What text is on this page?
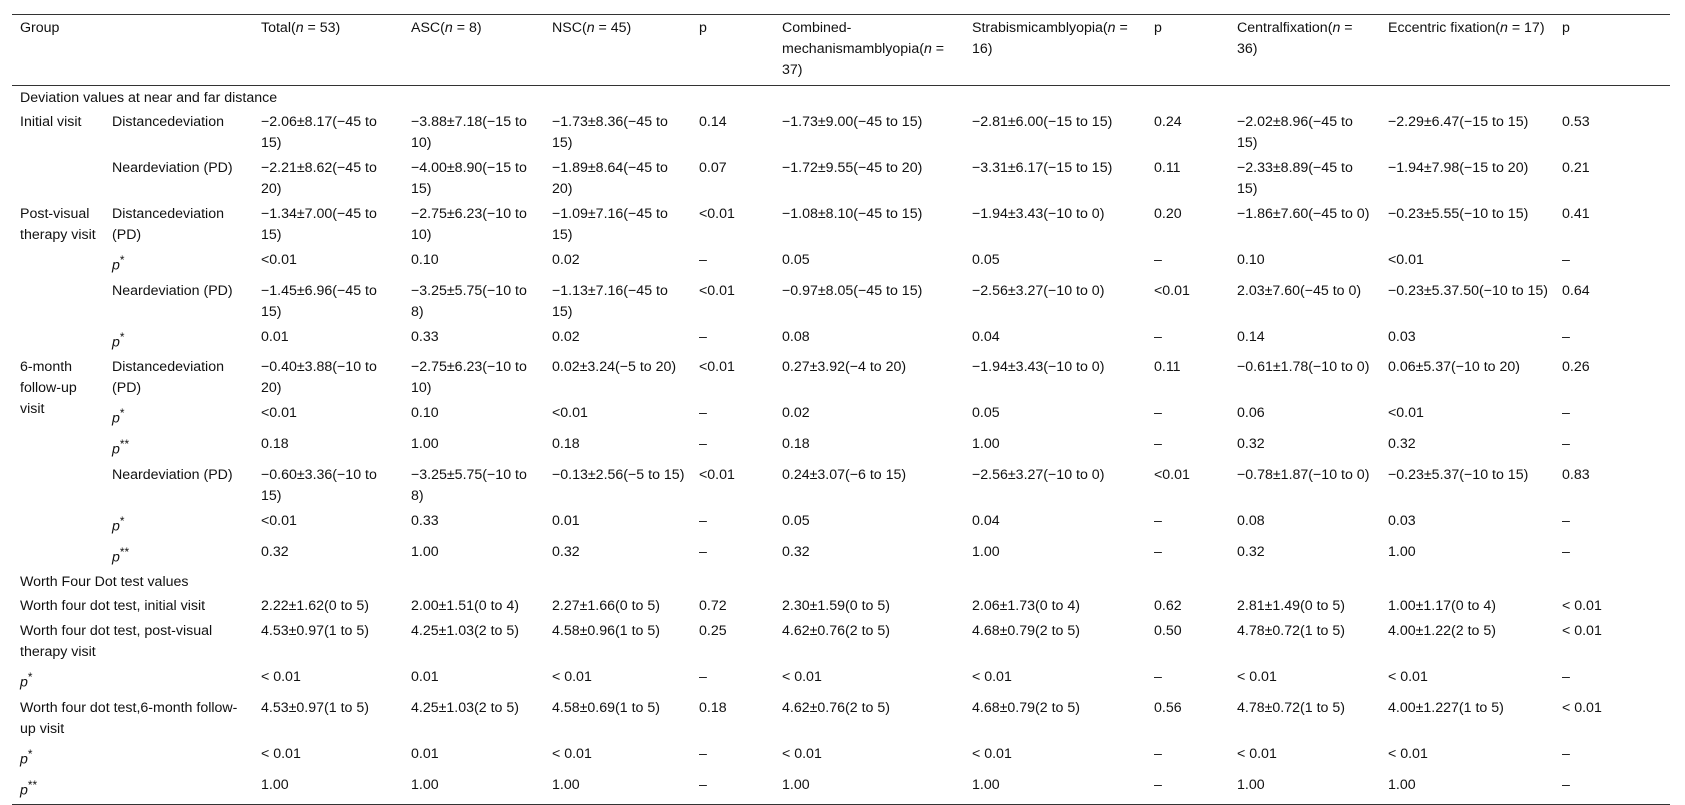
Group		Total(n = 53)	ASC(n = 8)	NSC(n = 45)	p	Combined-mechanismamblyopia(n = 37)	Strabismicamblyopia(n = 16)	p	Centralfixation(n = 36)	Eccentric fixation(n = 17)	p
Deviation values at near and far distance											
Initial visit	Distancedeviation	−2.06±8.17(−45 to 15)	−3.88±7.18(−15 to 10)	−1.73±8.36(−45 to 15)	0.14	−1.73±9.00(−45 to 15)	−2.81±6.00(−15 to 15)	0.24	−2.02±8.96(−45 to 15)	−2.29±6.47(−15 to 15)	0.53
	Neardeviation (PD)	−2.21±8.62(−45 to 20)	−4.00±8.90(−15 to 15)	−1.89±8.64(−45 to 20)	0.07	−1.72±9.55(−45 to 20)	−3.31±6.17(−15 to 15)	0.11	−2.33±8.89(−45 to 15)	−1.94±7.98(−15 to 20)	0.21
Post-visual therapy visit	Distancedeviation (PD)	−1.34±7.00(−45 to 15)	−2.75±6.23(−10 to 10)	−1.09±7.16(−45 to 15)	<0.01	−1.08±8.10(−45 to 15)	−1.94±3.43(−10 to 0)	0.20	−1.86±7.60(−45 to 0)	−0.23±5.55(−10 to 15)	0.41
	p*	<0.01	0.10	0.02	–	0.05	0.05	–	0.10	<0.01	–
	Neardeviation (PD)	−1.45±6.96(−45 to 15)	−3.25±5.75(−10 to 8)	−1.13±7.16(−45 to 15)	<0.01	−0.97±8.05(−45 to 15)	−2.56±3.27(−10 to 0)	<0.01	2.03±7.60(−45 to 0)	−0.23±5.37.50(−10 to 15)	0.64
	p*	0.01	0.33	0.02	–	0.08	0.04	–	0.14	0.03	–
6-month follow-up visit	Distancedeviation (PD)	−0.40±3.88(−10 to 20)	−2.75±6.23(−10 to 10)	0.02±3.24(−5 to 20)	<0.01	0.27±3.92(−4 to 20)	−1.94±3.43(−10 to 0)	0.11	−0.61±1.78(−10 to 0)	0.06±5.37(−10 to 20)	0.26
	p*	<0.01	0.10	<0.01	–	0.02	0.05	–	0.06	<0.01	–
	p**	0.18	1.00	0.18	–	0.18	1.00	–	0.32	0.32	–
	Neardeviation (PD)	−0.60±3.36(−10 to 15)	−3.25±5.75(−10 to 8)	−0.13±2.56(−5 to 15)	<0.01	0.24±3.07(−6 to 15)	−2.56±3.27(−10 to 0)	<0.01	−0.78±1.87(−10 to 0)	−0.23±5.37(−10 to 15)	0.83
	p*	<0.01	0.33	0.01	–	0.05	0.04	–	0.08	0.03	–
	p**	0.32	1.00	0.32	–	0.32	1.00	–	0.32	1.00	–
Worth Four Dot test values											
Worth four dot test, initial visit		2.22±1.62(0 to 5)	2.00±1.51(0 to 4)	2.27±1.66(0 to 5)	0.72	2.30±1.59(0 to 5)	2.06±1.73(0 to 4)	0.62	2.81±1.49(0 to 5)	1.00±1.17(0 to 4)	< 0.01
Worth four dot test, post-visual therapy visit		4.53±0.97(1 to 5)	4.25±1.03(2 to 5)	4.58±0.96(1 to 5)	0.25	4.62±0.76(2 to 5)	4.68±0.79(2 to 5)	0.50	4.78±0.72(1 to 5)	4.00±1.22(2 to 5)	< 0.01
p*		< 0.01	0.01	< 0.01	–	< 0.01	< 0.01	–	< 0.01	< 0.01	–
Worth four dot test,6-month follow-up visit		4.53±0.97(1 to 5)	4.25±1.03(2 to 5)	4.58±0.69(1 to 5)	0.18	4.62±0.76(2 to 5)	4.68±0.79(2 to 5)	0.56	4.78±0.72(1 to 5)	4.00±1.227(1 to 5)	< 0.01
p*		< 0.01	0.01	< 0.01	–	< 0.01	< 0.01	–	< 0.01	< 0.01	–
p**		1.00	1.00	1.00	–	1.00	1.00	–	1.00	1.00	–
